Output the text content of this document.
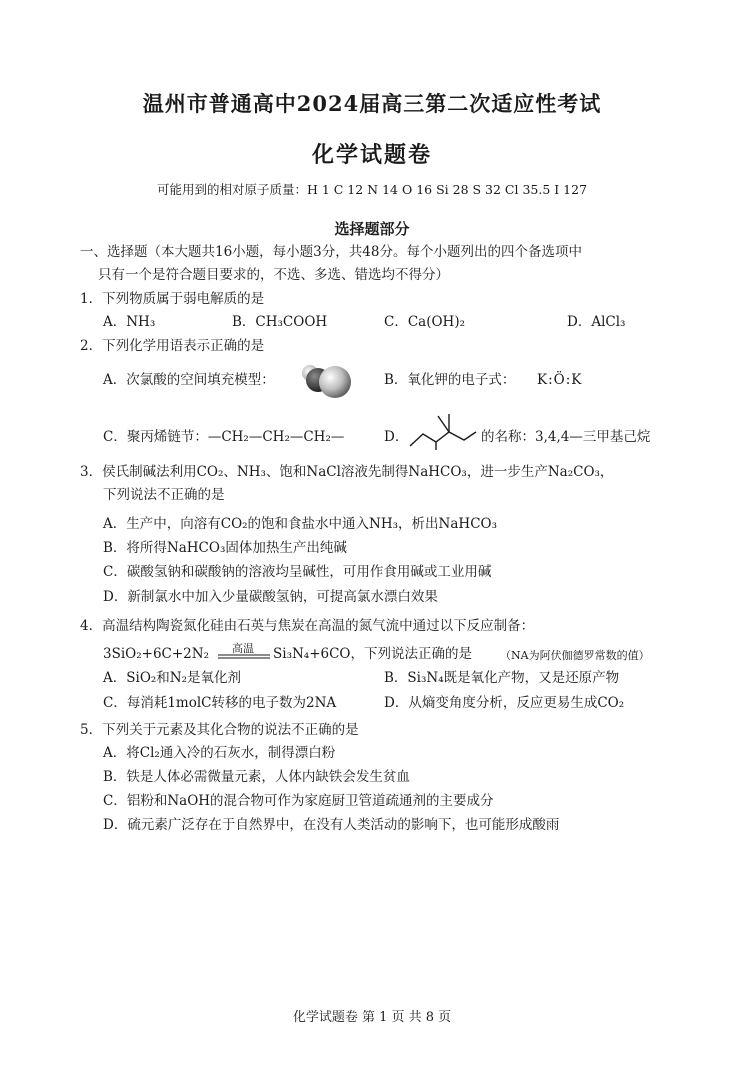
温州市普通高中2024届高三第二次适应性考试
化学试题卷
可能用到的相对原子质量：H 1 C 12 N 14 O 16 Si 28 S 32 Cl 35.5 I 127
选择题部分
一、选择题（本大题共16小题，每小题3分，共48分。每个小题列出的四个备选项中
只有一个是符合题目要求的，不选、多选、错选均不得分）
1．下列物质属于弱电解质的是
A．NH₃	B．CH₃COOH	C．Ca(OH)₂	D．AlCl₃
2．下列化学用语表示正确的是
A．次氯酸的空间填充模型：	B．氧化钾的电子式： K:Ö:K
C．聚丙烯链节：—CH₂—CH₂—CH₂—	D．	的名称：3,4,4—三甲基己烷
3．侯氏制碱法利用CO₂、NH₃、饱和NaCl溶液先制得NaHCO₃，进一步生产Na₂CO₃，
下列说法不正确的是
A．生产中，向溶有CO₂的饱和食盐水中通入NH₃，析出NaHCO₃
B．将所得NaHCO₃固体加热生产出纯碱
C．碳酸氢钠和碳酸钠的溶液均呈碱性，可用作食用碱或工业用碱
D．新制氯水中加入少量碳酸氢钠，可提高氯水漂白效果
4．高温结构陶瓷氮化硅由石英与焦炭在高温的氮气流中通过以下反应制备：
3SiO₂+6C+2N₂ 高温 Si₃N₄+6CO，下列说法正确的是	（NA为阿伏伽德罗常数的值）
A．SiO₂和N₂是氧化剂	B．Si₃N₄既是氧化产物，又是还原产物
C．每消耗1molC转移的电子数为2NA	D．从熵变角度分析，反应更易生成CO₂
5．下列关于元素及其化合物的说法不正确的是
A．将Cl₂通入冷的石灰水，制得漂白粉
B．铁是人体必需微量元素，人体内缺铁会发生贫血
C．铝粉和NaOH的混合物可作为家庭厨卫管道疏通剂的主要成分
D．硫元素广泛存在于自然界中，在没有人类活动的影响下，也可能形成酸雨
化学试题卷 第 1 页 共 8 页
